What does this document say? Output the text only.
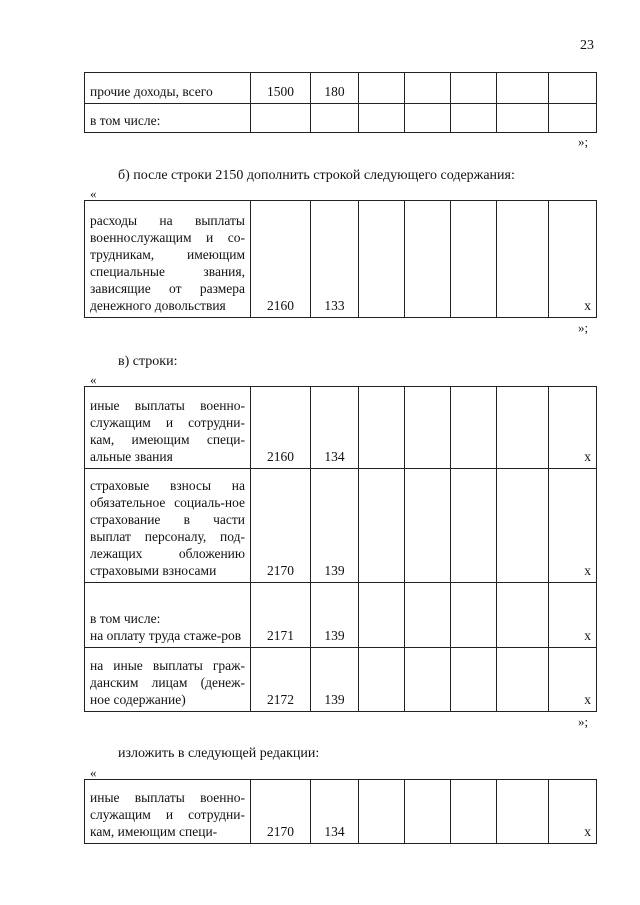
23
прочие доходы, всего	1500	180					
в том числе:							
»;
б) после строки 2150 дополнить строкой следующего содержания:
«
расходы на выплаты военнослужащим и со-трудникам, имеющим специальные звания, зависящие от размера денежного довольствия	2160	133					x
»;
в) строки:
«
иные выплаты военно-служащим и сотрудни-кам, имеющим специ-альные звания	2160	134					x
страховые взносы на обязательное социаль-ное страхование в части выплат персоналу, под-лежащих обложению страховыми взносами	2170	139					x
в том числе:
на оплату труда стаже-ров	2171	139					x
на иные выплаты граж-данским лицам (денеж-ное содержание)	2172	139					x
»;
изложить в следующей редакции:
«
иные выплаты военно-служащим и сотрудни-кам, имеющим специ-	2170	134					x
